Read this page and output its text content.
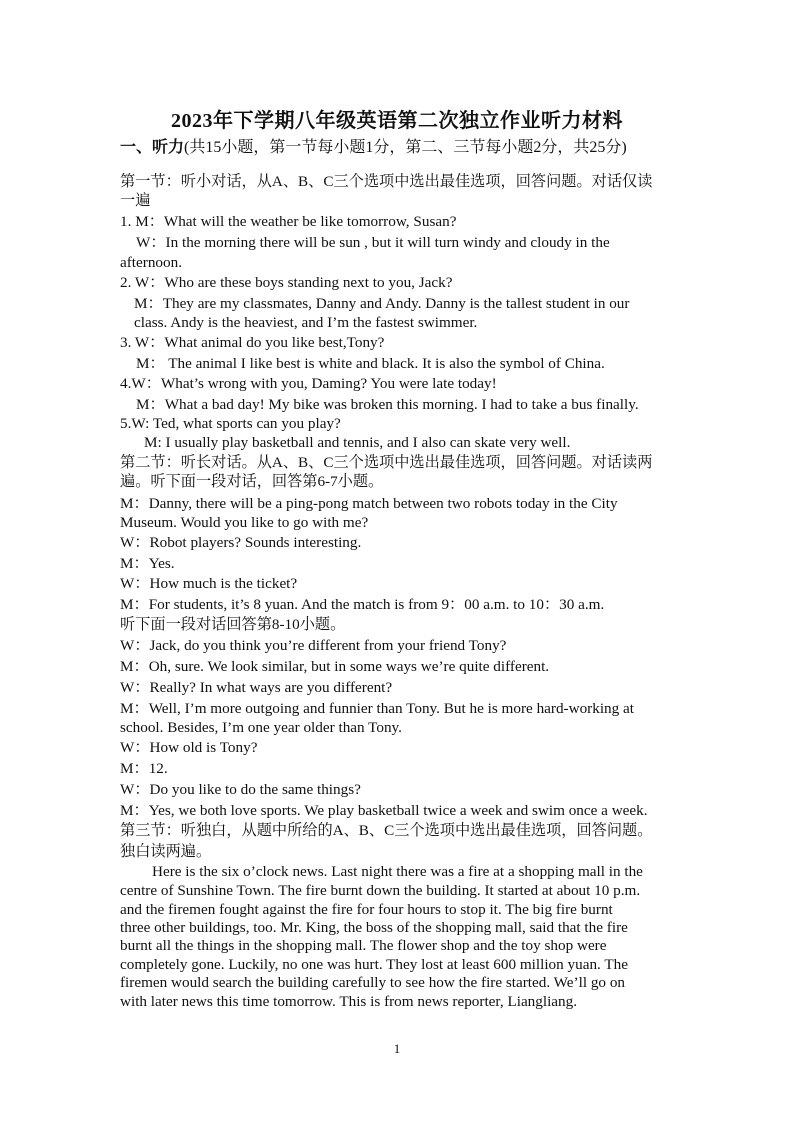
2023年下学期八年级英语第二次独立作业听力材料
一、听力(共15小题，第一节每小题1分，第二、三节每小题2分，共25分)
第一节：听小对话，从A、B、C三个选项中选出最佳选项，回答问题。对话仅读
一遍
1. M：What will the weather be like tomorrow, Susan?
W：In the morning there will be sun , but it will turn windy and cloudy in the
afternoon.
2. W：Who are these boys standing next to you, Jack?
M：They are my classmates, Danny and Andy. Danny is the tallest student in our
class. Andy is the heaviest, and I’m the fastest swimmer.
3. W：What animal do you like best,Tony?
M： The animal I like best is white and black. It is also the symbol of China.
4.W：What’s wrong with you, Daming? You were late today!
M：What a bad day! My bike was broken this morning. I had to take a bus finally.
5.W: Ted, what sports can you play?
M: I usually play basketball and tennis, and I also can skate very well.
第二节：听长对话。从A、B、C三个选项中选出最佳选项，回答问题。对话读两
遍。听下面一段对话，回答第6-7小题。
M：Danny, there will be a ping-pong match between two robots today in the City
Museum. Would you like to go with me?
W：Robot players? Sounds interesting.
M：Yes.
W：How much is the ticket?
M：For students, it’s 8 yuan. And the match is from 9：00 a.m. to 10：30 a.m.
听下面一段对话回答第8-10小题。
W：Jack, do you think you’re different from your friend Tony?
M：Oh, sure. We look similar, but in some ways we’re quite different.
W：Really? In what ways are you different?
M：Well, I’m more outgoing and funnier than Tony. But he is more hard-working at
school. Besides, I’m one year older than Tony.
W：How old is Tony?
M：12.
W：Do you like to do the same things?
M：Yes, we both love sports. We play basketball twice a week and swim once a week.
第三节：听独白，从题中所给的A、B、C三个选项中选出最佳选项，回答问题。
独白读两遍。
Here is the six o’clock news. Last night there was a fire at a shopping mall in the
centre of Sunshine Town. The fire burnt down the building. It started at about 10 p.m.
and the firemen fought against the fire for four hours to stop it. The big fire burnt
three other buildings, too. Mr. King, the boss of the shopping mall, said that the fire
burnt all the things in the shopping mall. The flower shop and the toy shop were
completely gone. Luckily, no one was hurt. They lost at least 600 million yuan. The
firemen would search the building carefully to see how the fire started. We’ll go on
with later news this time tomorrow. This is from news reporter, Liangliang.
1
